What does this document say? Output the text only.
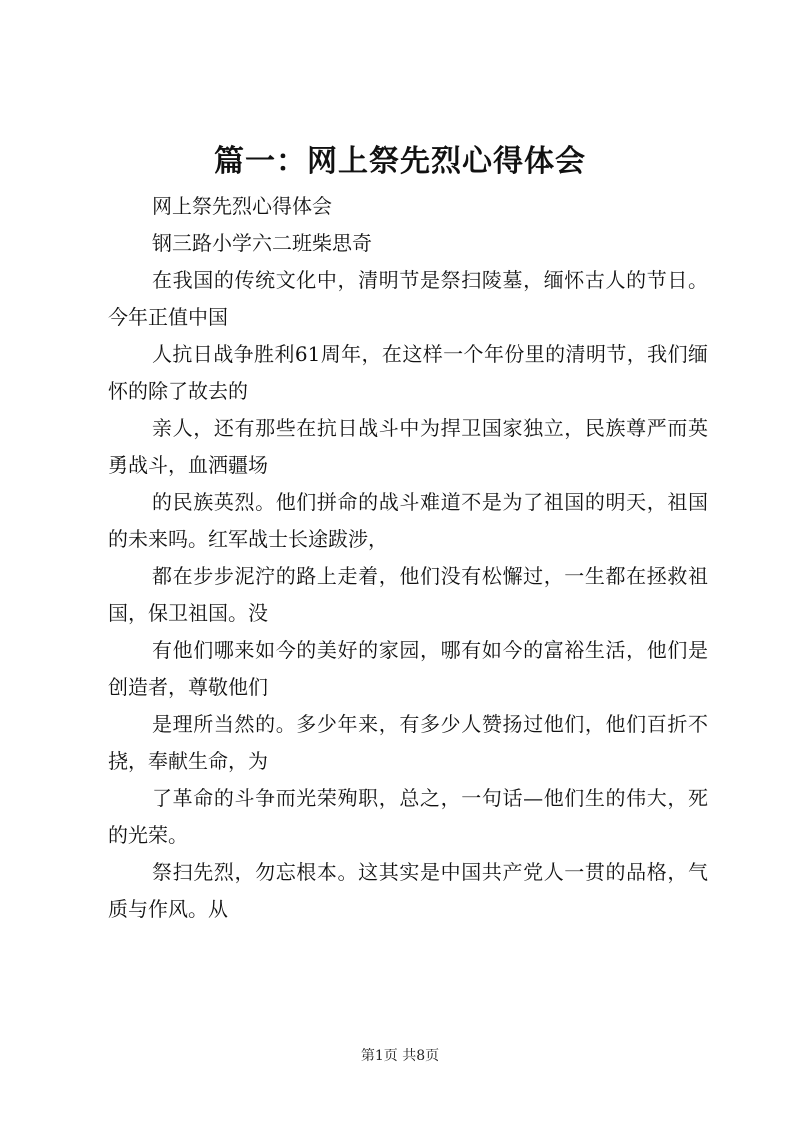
篇一：网上祭先烈心得体会

网上祭先烈心得体会

钢三路小学六二班柴思奇

在我国的传统文化中，清明节是祭扫陵墓，缅怀古人的节日。今年正值中国

人抗日战争胜利61周年，在这样一个年份里的清明节，我们缅怀的除了故去的

亲人，还有那些在抗日战斗中为捍卫国家独立，民族尊严而英勇战斗，血洒疆场

的民族英烈。他们拼命的战斗难道不是为了祖国的明天，祖国的未来吗。红军战士长途跋涉，

都在步步泥泞的路上走着，他们没有松懈过，一生都在拯救祖国，保卫祖国。没

有他们哪来如今的美好的家园，哪有如今的富裕生活，他们是创造者，尊敬他们

是理所当然的。多少年来，有多少人赞扬过他们，他们百折不挠，奉献生命，为

了革命的斗争而光荣殉职，总之，一句话—他们生的伟大，死的光荣。

祭扫先烈，勿忘根本。这其实是中国共产党人一贯的品格，气质与作风。从

第1页 共8页
